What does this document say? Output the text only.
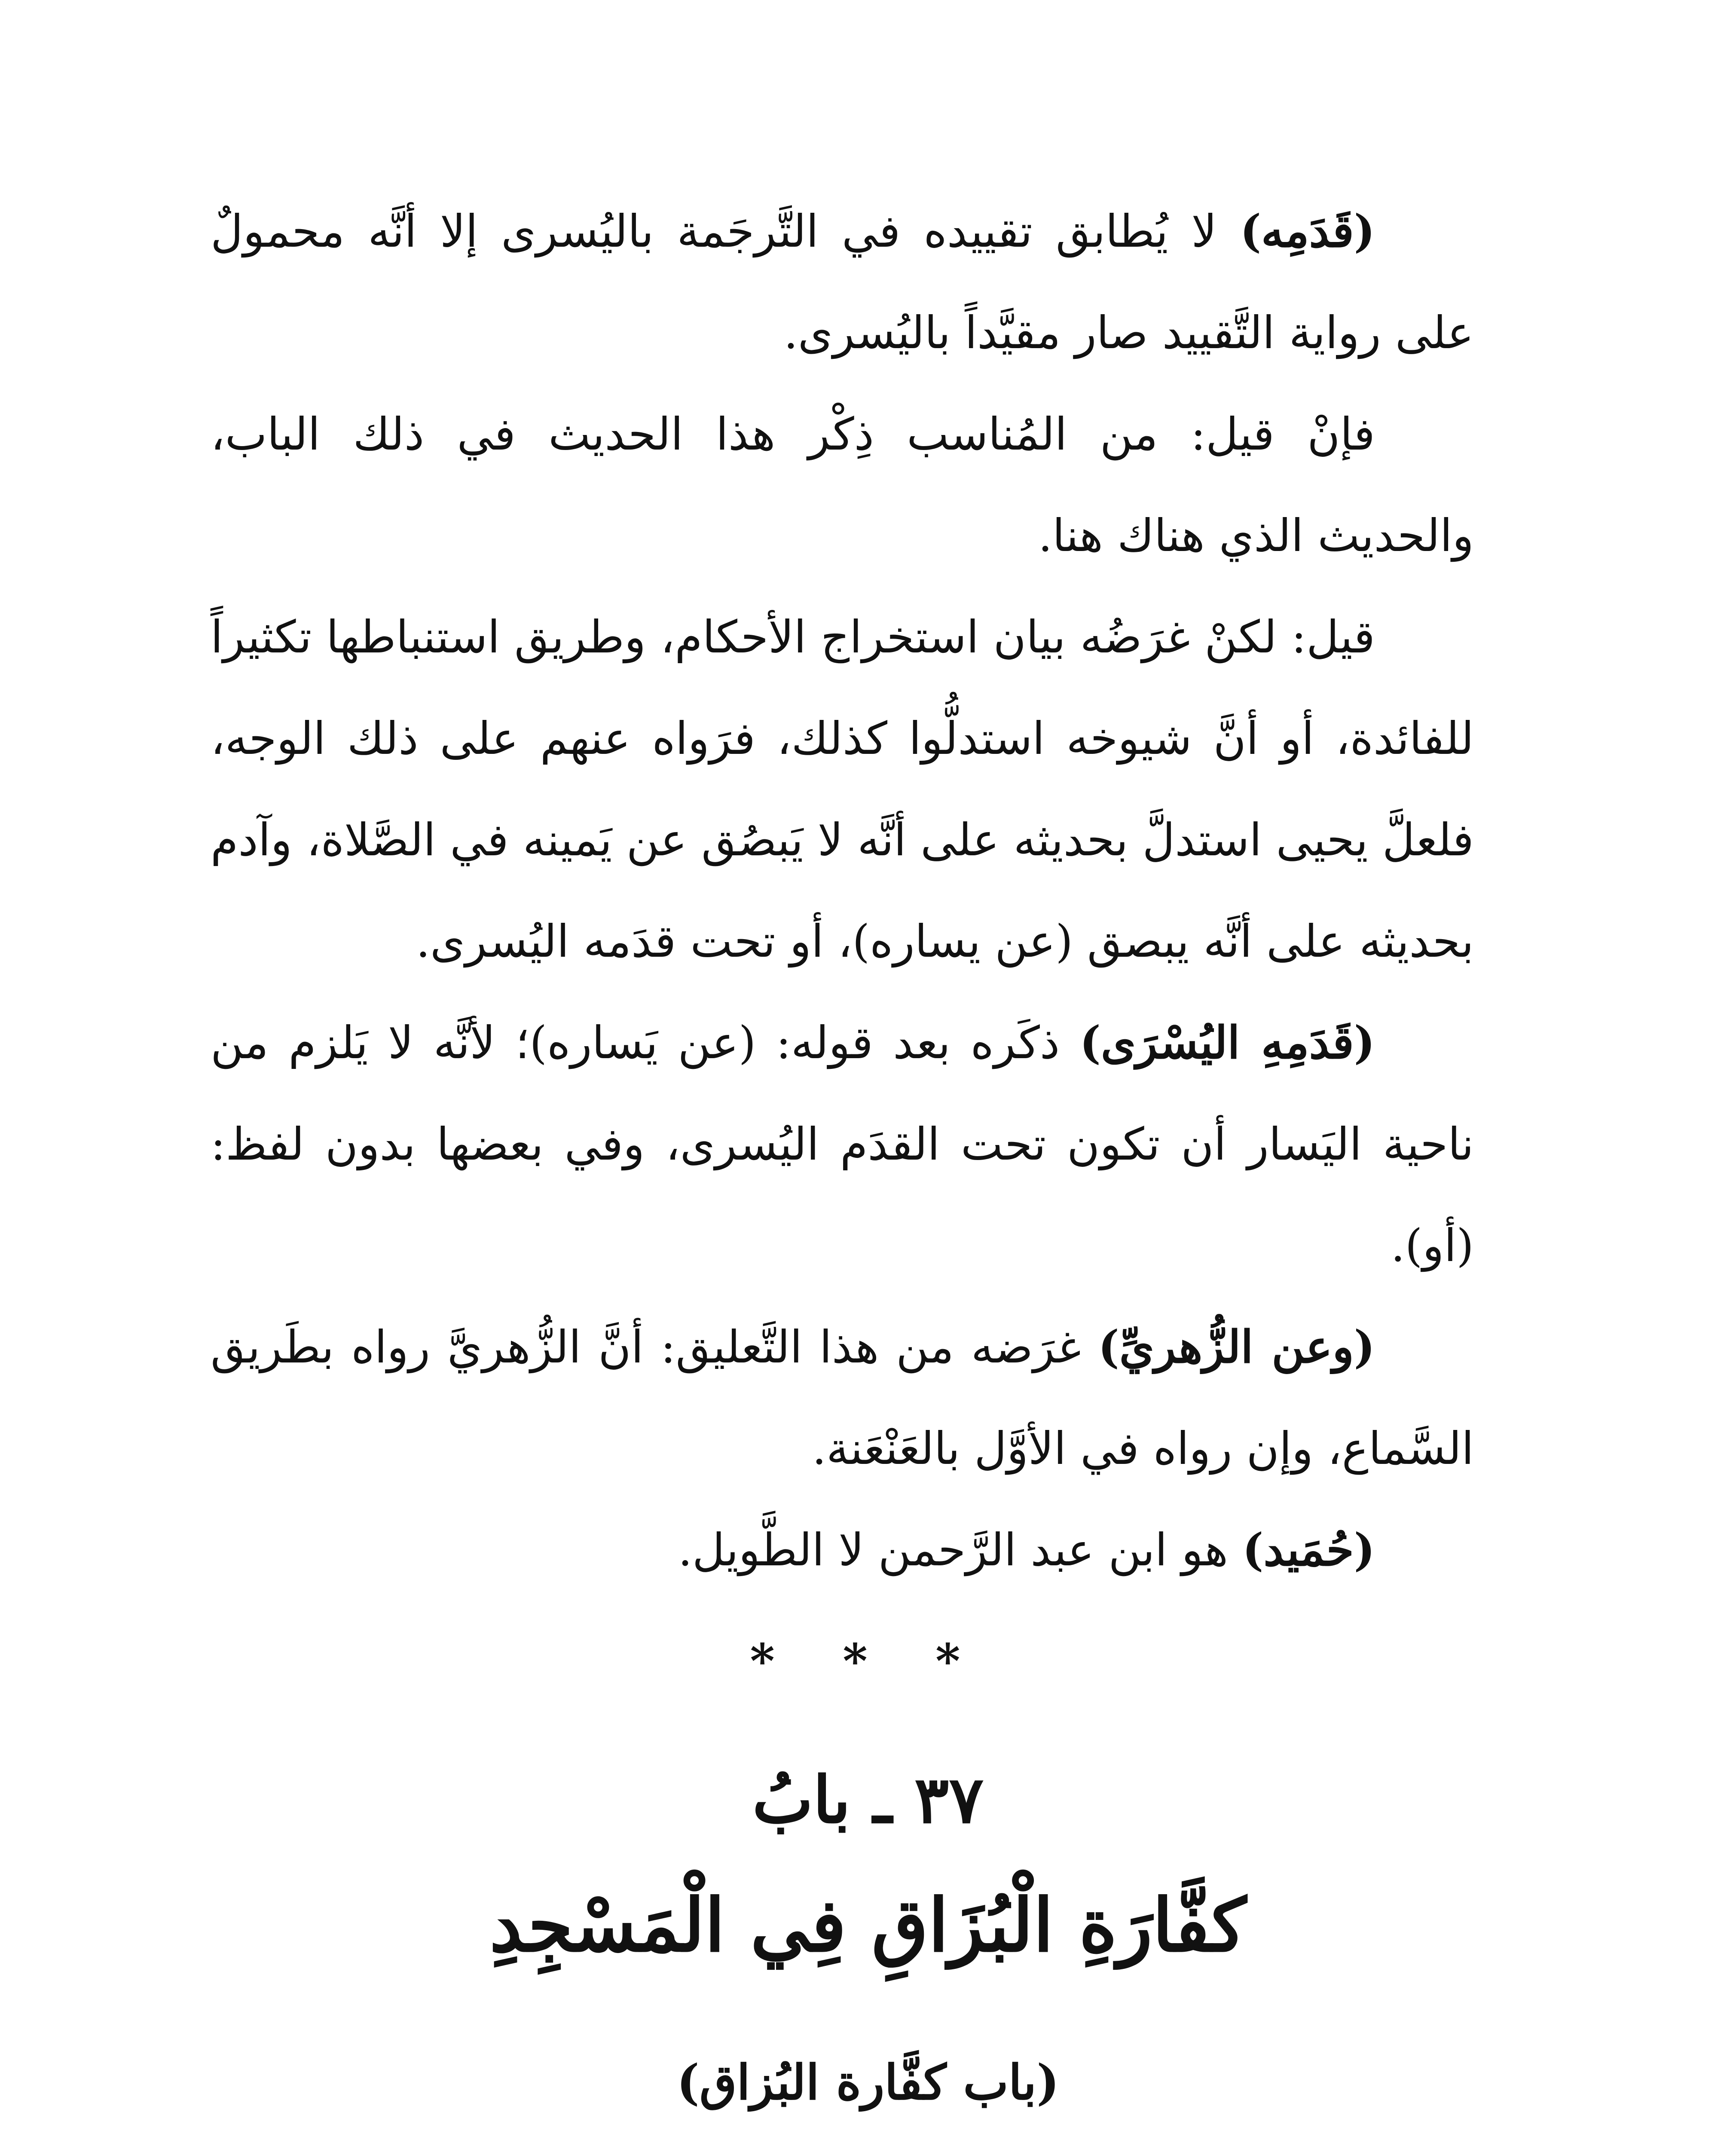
(قَدَمِه) لا يُطابق تقييده في التَّرجَمة باليُسرى إلا أنَّه محمولٌ على رواية التَّقييد صار مقيَّداً باليُسرى.

فإنْ قيل: من المُناسب ذِكْر هذا الحديث في ذلك الباب، والحديث الذي هناك هنا.

قيل: لكنْ غرَضُه بيان استخراج الأحكام، وطريق استنباطها تكثيراً للفائدة، أو أنَّ شيوخه استدلُّوا كذلك، فرَواه عنهم على ذلك الوجه، فلعلَّ يحيى استدلَّ بحديثه على أنَّه لا يَبصُق عن يَمينه في الصَّلاة، وآدم بحديثه على أنَّه يبصق (عن يساره)، أو تحت قدَمه اليُسرى.

(قَدَمِهِ اليُسْرَى) ذكَره بعد قوله: (عن يَساره)؛ لأنَّه لا يَلزم من ناحية اليَسار أن تكون تحت القدَم اليُسرى، وفي بعضها بدون لفظ: (أو).

(وعن الزُّهريِّ) غرَضه من هذا التَّعليق: أنَّ الزُّهريَّ رواه بطَريق السَّماع، وإن رواه في الأوَّل بالعَنْعَنة.

(حُمَيد) هو ابن عبد الرَّحمن لا الطَّويل.

* * *
٣٧ ـ بابُ
كفَّارَةِ الْبُزَاقِ فِي الْمَسْجِدِ
(باب كفَّارة البُزاق)
